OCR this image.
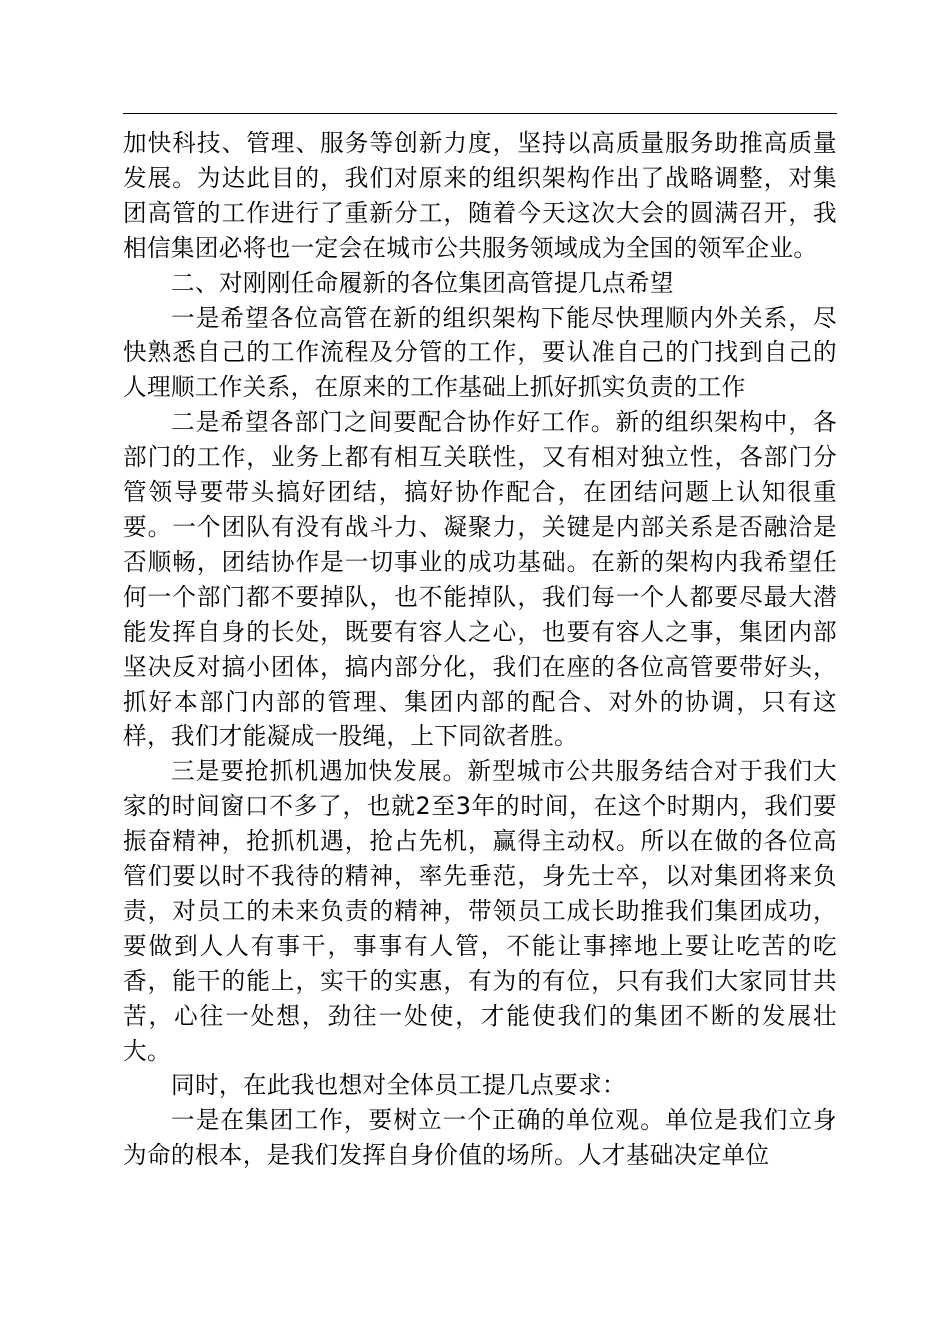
加快科技、管理、服务等创新力度，坚持以高质量服务助推高质量发展。为达此目的，我们对原来的组织架构作出了战略调整，对集团高管的工作进行了重新分工，随着今天这次大会的圆满召开，我相信集团必将也一定会在城市公共服务领域成为全国的领军企业。

二、对刚刚任命履新的各位集团高管提几点希望

一是希望各位高管在新的组织架构下能尽快理顺内外关系，尽快熟悉自己的工作流程及分管的工作，要认准自己的门找到自己的人理顺工作关系，在原来的工作基础上抓好抓实负责的工作

二是希望各部门之间要配合协作好工作。新的组织架构中，各部门的工作，业务上都有相互关联性，又有相对独立性，各部门分管领导要带头搞好团结，搞好协作配合，在团结问题上认知很重要。一个团队有没有战斗力、凝聚力，关键是内部关系是否融洽是否顺畅，团结协作是一切事业的成功基础。在新的架构内我希望任何一个部门都不要掉队，也不能掉队，我们每一个人都要尽最大潜能发挥自身的长处，既要有容人之心，也要有容人之事，集团内部坚决反对搞小团体，搞内部分化，我们在座的各位高管要带好头，抓好本部门内部的管理、集团内部的配合、对外的协调，只有这样，我们才能凝成一股绳，上下同欲者胜。

三是要抢抓机遇加快发展。新型城市公共服务结合对于我们大家的时间窗口不多了，也就2至3年的时间，在这个时期内，我们要振奋精神，抢抓机遇，抢占先机，赢得主动权。所以在做的各位高管们要以时不我待的精神，率先垂范，身先士卒，以对集团将来负责，对员工的未来负责的精神，带领员工成长助推我们集团成功，要做到人人有事干，事事有人管，不能让事摔地上要让吃苦的吃香，能干的能上，实干的实惠，有为的有位，只有我们大家同甘共苦，心往一处想，劲往一处使，才能使我们的集团不断的发展壮大。

同时，在此我也想对全体员工提几点要求：

一是在集团工作，要树立一个正确的单位观。单位是我们立身为命的根本，是我们发挥自身价值的场所。人才基础决定单位
